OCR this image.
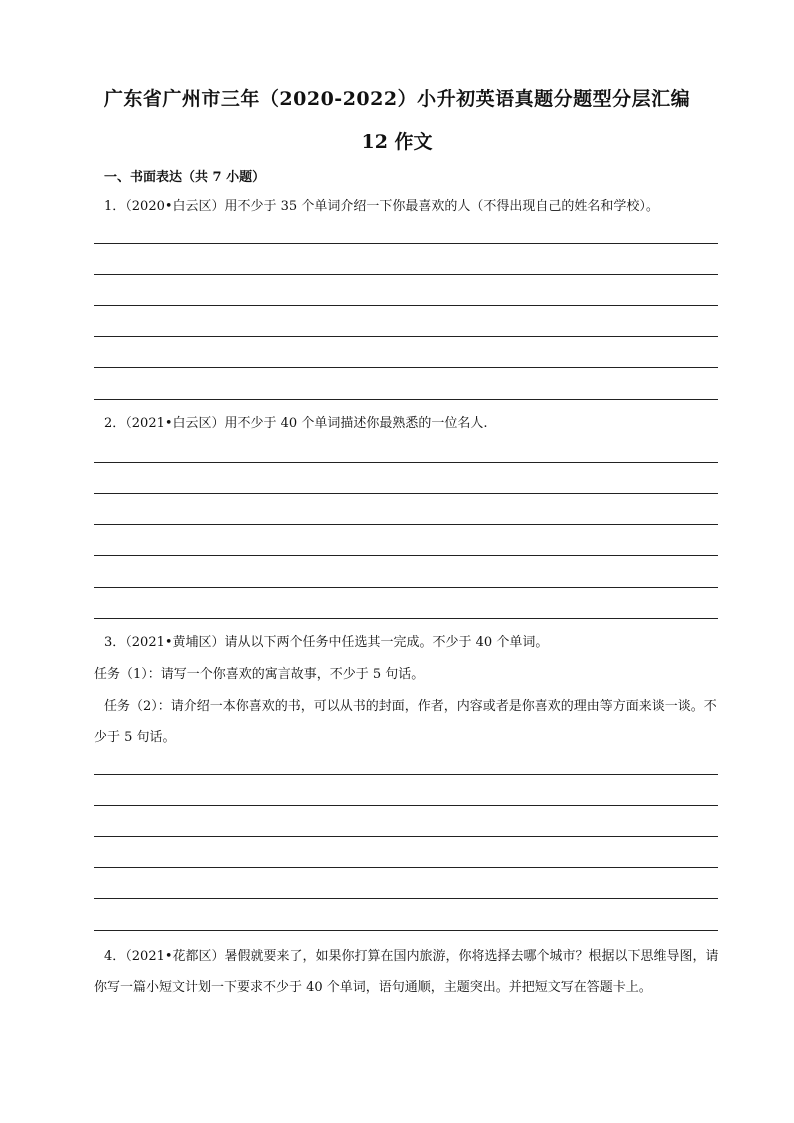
广东省广州市三年（2020-2022）小升初英语真题分题型分层汇编
12 作文
一、书面表达（共 7 小题）
1．（2020•白云区）用不少于 35 个单词介绍一下你最喜欢的人（不得出现自己的姓名和学校）。
2．（2021•白云区）用不少于 40 个单词描述你最熟悉的一位名人.
3．（2021•黄埔区）请从以下两个任务中任选其一完成。不少于 40 个单词。
任务（1）：请写一个你喜欢的寓言故事，不少于 5 句话。
任务（2）：请介绍一本你喜欢的书，可以从书的封面，作者，内容或者是你喜欢的理由等方面来谈一谈。不少于 5 句话。
4．（2021•花都区）暑假就要来了，如果你打算在国内旅游，你将选择去哪个城市？根据以下思维导图，请你写一篇小短文计划一下要求不少于 40 个单词，语句通顺，主题突出。并把短文写在答题卡上。
